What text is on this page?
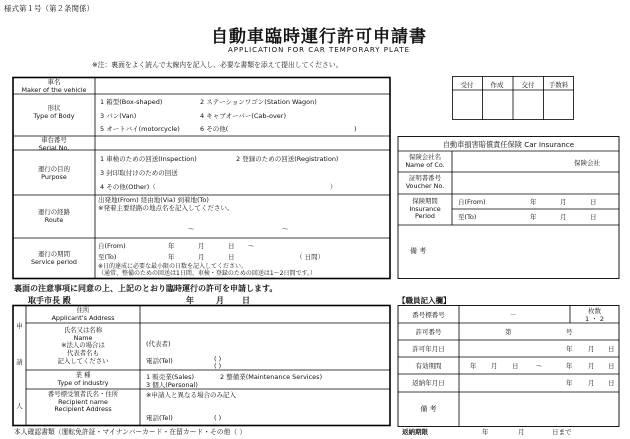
様式第１号（第２条関係）
自動車臨時運行許可申請書
APPLICATION FOR CAR TEMPORARY PLATE
※注：裏面をよく読んで太線内を記入し、必要な書類を添えて提出してください。
受付	作成	交付	手数料
車名
Maker of the vehicle
形状
Type of Body
1 箱型(Box-shaped)	2 ステーションワゴン(Station Wagon)
3 バン(Van)	4 キャブオーバー(Cab-over)
5 オートバイ(motorcycle)	6 その他(	)
車台番号
Serial No.
運行の目的
Purpose
1 車検のための回送(Inspection)	2 登録のための回送(Registration)
3 封印取付けのための回送
4 その他(Other)（	）
運行の経路
Route
出発地(From) 経由地(Via) 到着地(To)
※発着主要経路の地点名を記入してください。
～	～
運行の期間
Service period
自(From)	年	月	日 ～
至(To)	年	月	日	（ 日間）
※日的達成に必要な最小限の日数を記入してください。
（通常、整備のための回送は1日間、車検・登録のための回送は1～2日間です。）
自動車損害賠償責任保険 Car Insurance
保険会社名
Name of Co.	保険会社
証明書番号
Voucher No.
保険期間
Insurance
Period
自(From)	年	月	日
至(To)	年	月	日
備 考
裏面の注意事項に同意の上、上記のとおり臨時運行の許可を申請します。
取手市長 殿	年	月 日
申
請
人
住所
Applicant’s Address
氏名又は名称
Name
※法人の場合は
代表者名も
記入してください
(代表者)
電話(Tel)	( )
( )
業 種
Type of industry
1 販売業(Sales)	2 整備業(Maintenance Services)
3 個人(Personal)
番号標受領者氏名・住所
Recipient name
Recipient Address
※申請人と異なる場合のみ記入
電話(Tel)	( )
【職員記入欄】
番号標番号	－	枚数
1 ・ 2
許可番号	第	号
許可年月日	年 月 日
有効期間	年 月 日	～	年 月 日
返納年月日	年 月 日
備 考
本人確認書類（運転免許証・マイナンバーカード・在留カード・その他（ ）	返納期限	年	月	日まで
